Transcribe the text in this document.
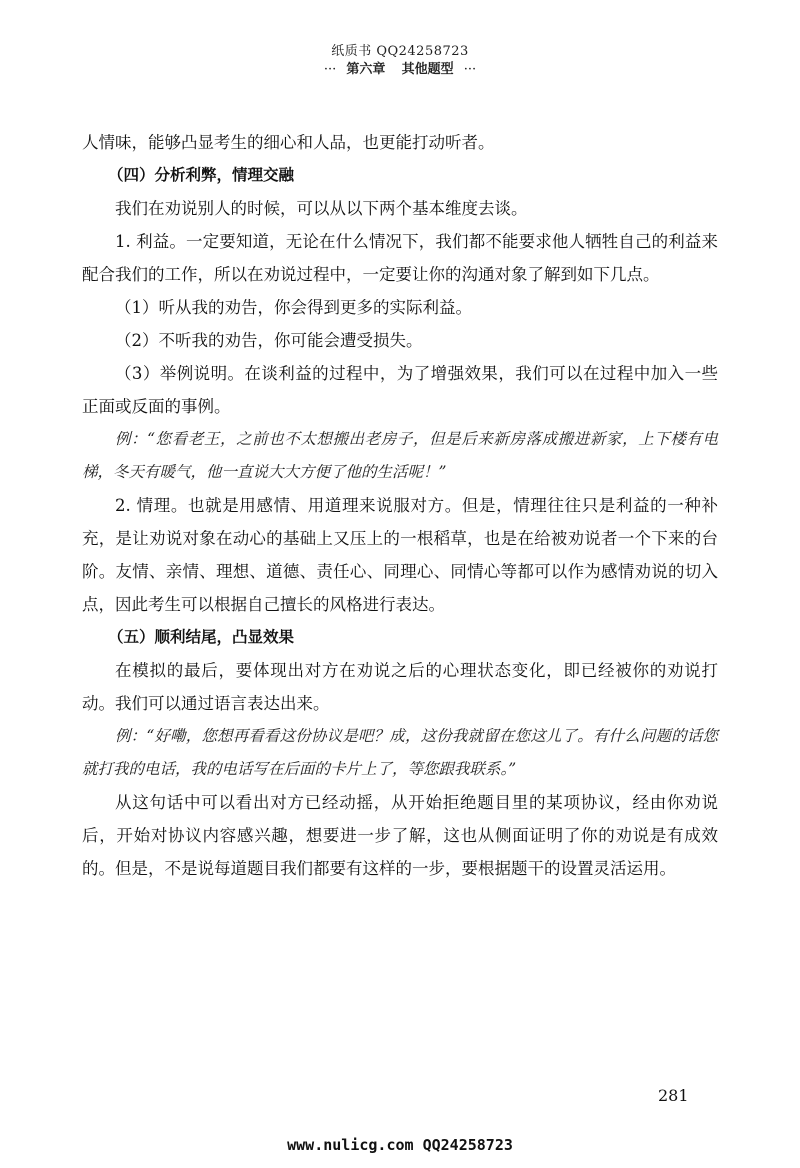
纸质书 QQ24258723
··· 第六章 其他题型 ···

人情味，能够凸显考生的细心和人品，也更能打动听者。

（四）分析利弊，情理交融

我们在劝说别人的时候，可以从以下两个基本维度去谈。

1. 利益。一定要知道，无论在什么情况下，我们都不能要求他人牺牲自己的利益来配合我们的工作，所以在劝说过程中，一定要让你的沟通对象了解到如下几点。

（1）听从我的劝告，你会得到更多的实际利益。

（2）不听我的劝告，你可能会遭受损失。

（3）举例说明。在谈利益的过程中，为了增强效果，我们可以在过程中加入一些正面或反面的事例。

例：“您看老王，之前也不太想搬出老房子，但是后来新房落成搬进新家，上下楼有电梯，冬天有暖气，他一直说大大方便了他的生活呢！”

2. 情理。也就是用感情、用道理来说服对方。但是，情理往往只是利益的一种补充，是让劝说对象在动心的基础上又压上的一根稻草，也是在给被劝说者一个下来的台阶。友情、亲情、理想、道德、责任心、同理心、同情心等都可以作为感情劝说的切入点，因此考生可以根据自己擅长的风格进行表达。

（五）顺利结尾，凸显效果

在模拟的最后，要体现出对方在劝说之后的心理状态变化，即已经被你的劝说打动。我们可以通过语言表达出来。

例：“好嘞，您想再看看这份协议是吧？成，这份我就留在您这儿了。有什么问题的话您就打我的电话，我的电话写在后面的卡片上了，等您跟我联系。”

从这句话中可以看出对方已经动摇，从开始拒绝题目里的某项协议，经由你劝说后，开始对协议内容感兴趣，想要进一步了解，这也从侧面证明了你的劝说是有成效的。但是，不是说每道题目我们都要有这样的一步，要根据题干的设置灵活运用。

281
www.nulicg.com QQ24258723
